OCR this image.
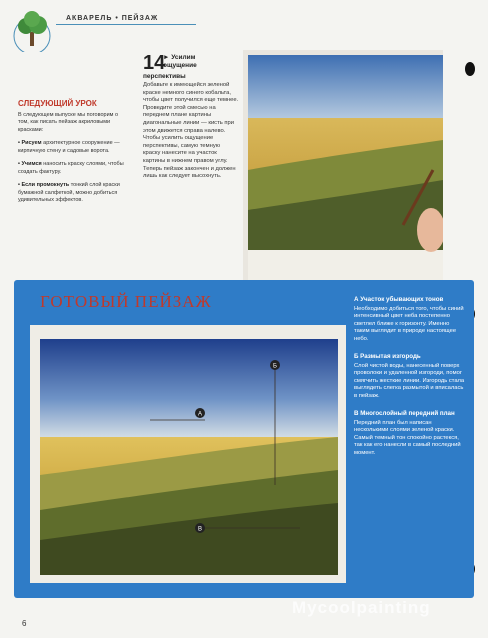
АКВАРЕЛЬ • ПЕЙЗАЖ
СЛЕДУЮЩИЙ УРОК

В следующем выпуске мы поговорим о том, как писать пейзаж акриловыми красками:

• Рисуем архитектурное сооружение — кирпичную стену и садовые ворота.

• Учимся наносить краску слоями, чтобы создать фактуру.

• Если промокнуть тонкий слой краски бумажной салфеткой, можно добиться удивительных эффектов.

14
► Усилим
ощущение
перспективы
Добавьте к имеющейся зеленой краске немного синего кобальта, чтобы цвет получился еще темнее. Проведите этой смесью на переднем плане картины диагональные линии — кисть при этом движется справа налево. Чтобы усилить ощущение перспективы, самую темную краску нанесите на участок картины в нижнем правом углу. Теперь пейзаж закончен и должен лишь как следует высохнуть.
ГОТОВЫЙ ПЕЙЗАЖ
А
Б
В
А Участок убывающих тонов
Необходимо добиться того, чтобы синий интенсивный цвет неба постепенно светлел ближе к горизонту. Именно таким выглядит в природе настоящее небо.
Б Размытая изгородь
Слой чистой воды, нанесенный поверх проволоки и удаленной изгороди, помог смягчить жесткие линии. Изгородь стала выглядеть слегка размытой и вписалась в пейзаж.
В Многослойный передний план
Передний план был написан несколькими слоями зеленой краски. Самый темный тон спокойно растекся, так как его нанесли в самый последний момент.
6
Mycoolpainting
